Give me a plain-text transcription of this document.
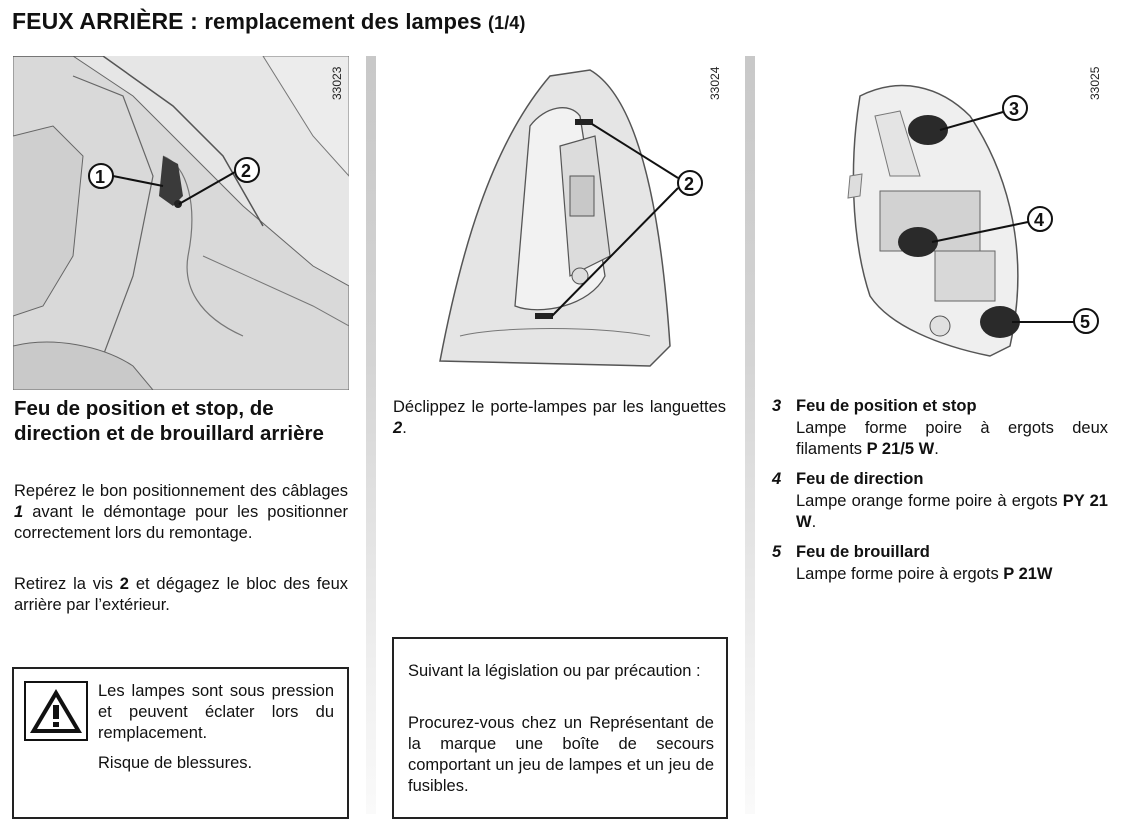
FEUX ARRIÈRE : remplacement des lampes (1/4)
1	2
33023
2
33024
3
4
5
33025
Feu de position et stop, de direction et de brouillard arrière
Repérez le bon positionnement des câblages 1 avant le démontage pour les positionner correctement lors du remontage.
Retirez la vis 2 et dégagez le bloc des feux arrière par l’extérieur.
Les lampes sont sous pression et peuvent éclater lors du remplacement.
Risque de blessures.
Déclippez le porte-lampes par les languettes 2.
Suivant la législation ou par précaution :
Procurez-vous chez un Représentant de la marque une boîte de secours comportant un jeu de lampes et un jeu de fusibles.
3 Feu de position et stop
Lampe forme poire à ergots deux filaments P 21/5 W.
4 Feu de direction
Lampe orange forme poire à ergots PY 21 W.
5 Feu de brouillard
Lampe forme poire à ergots P 21W
